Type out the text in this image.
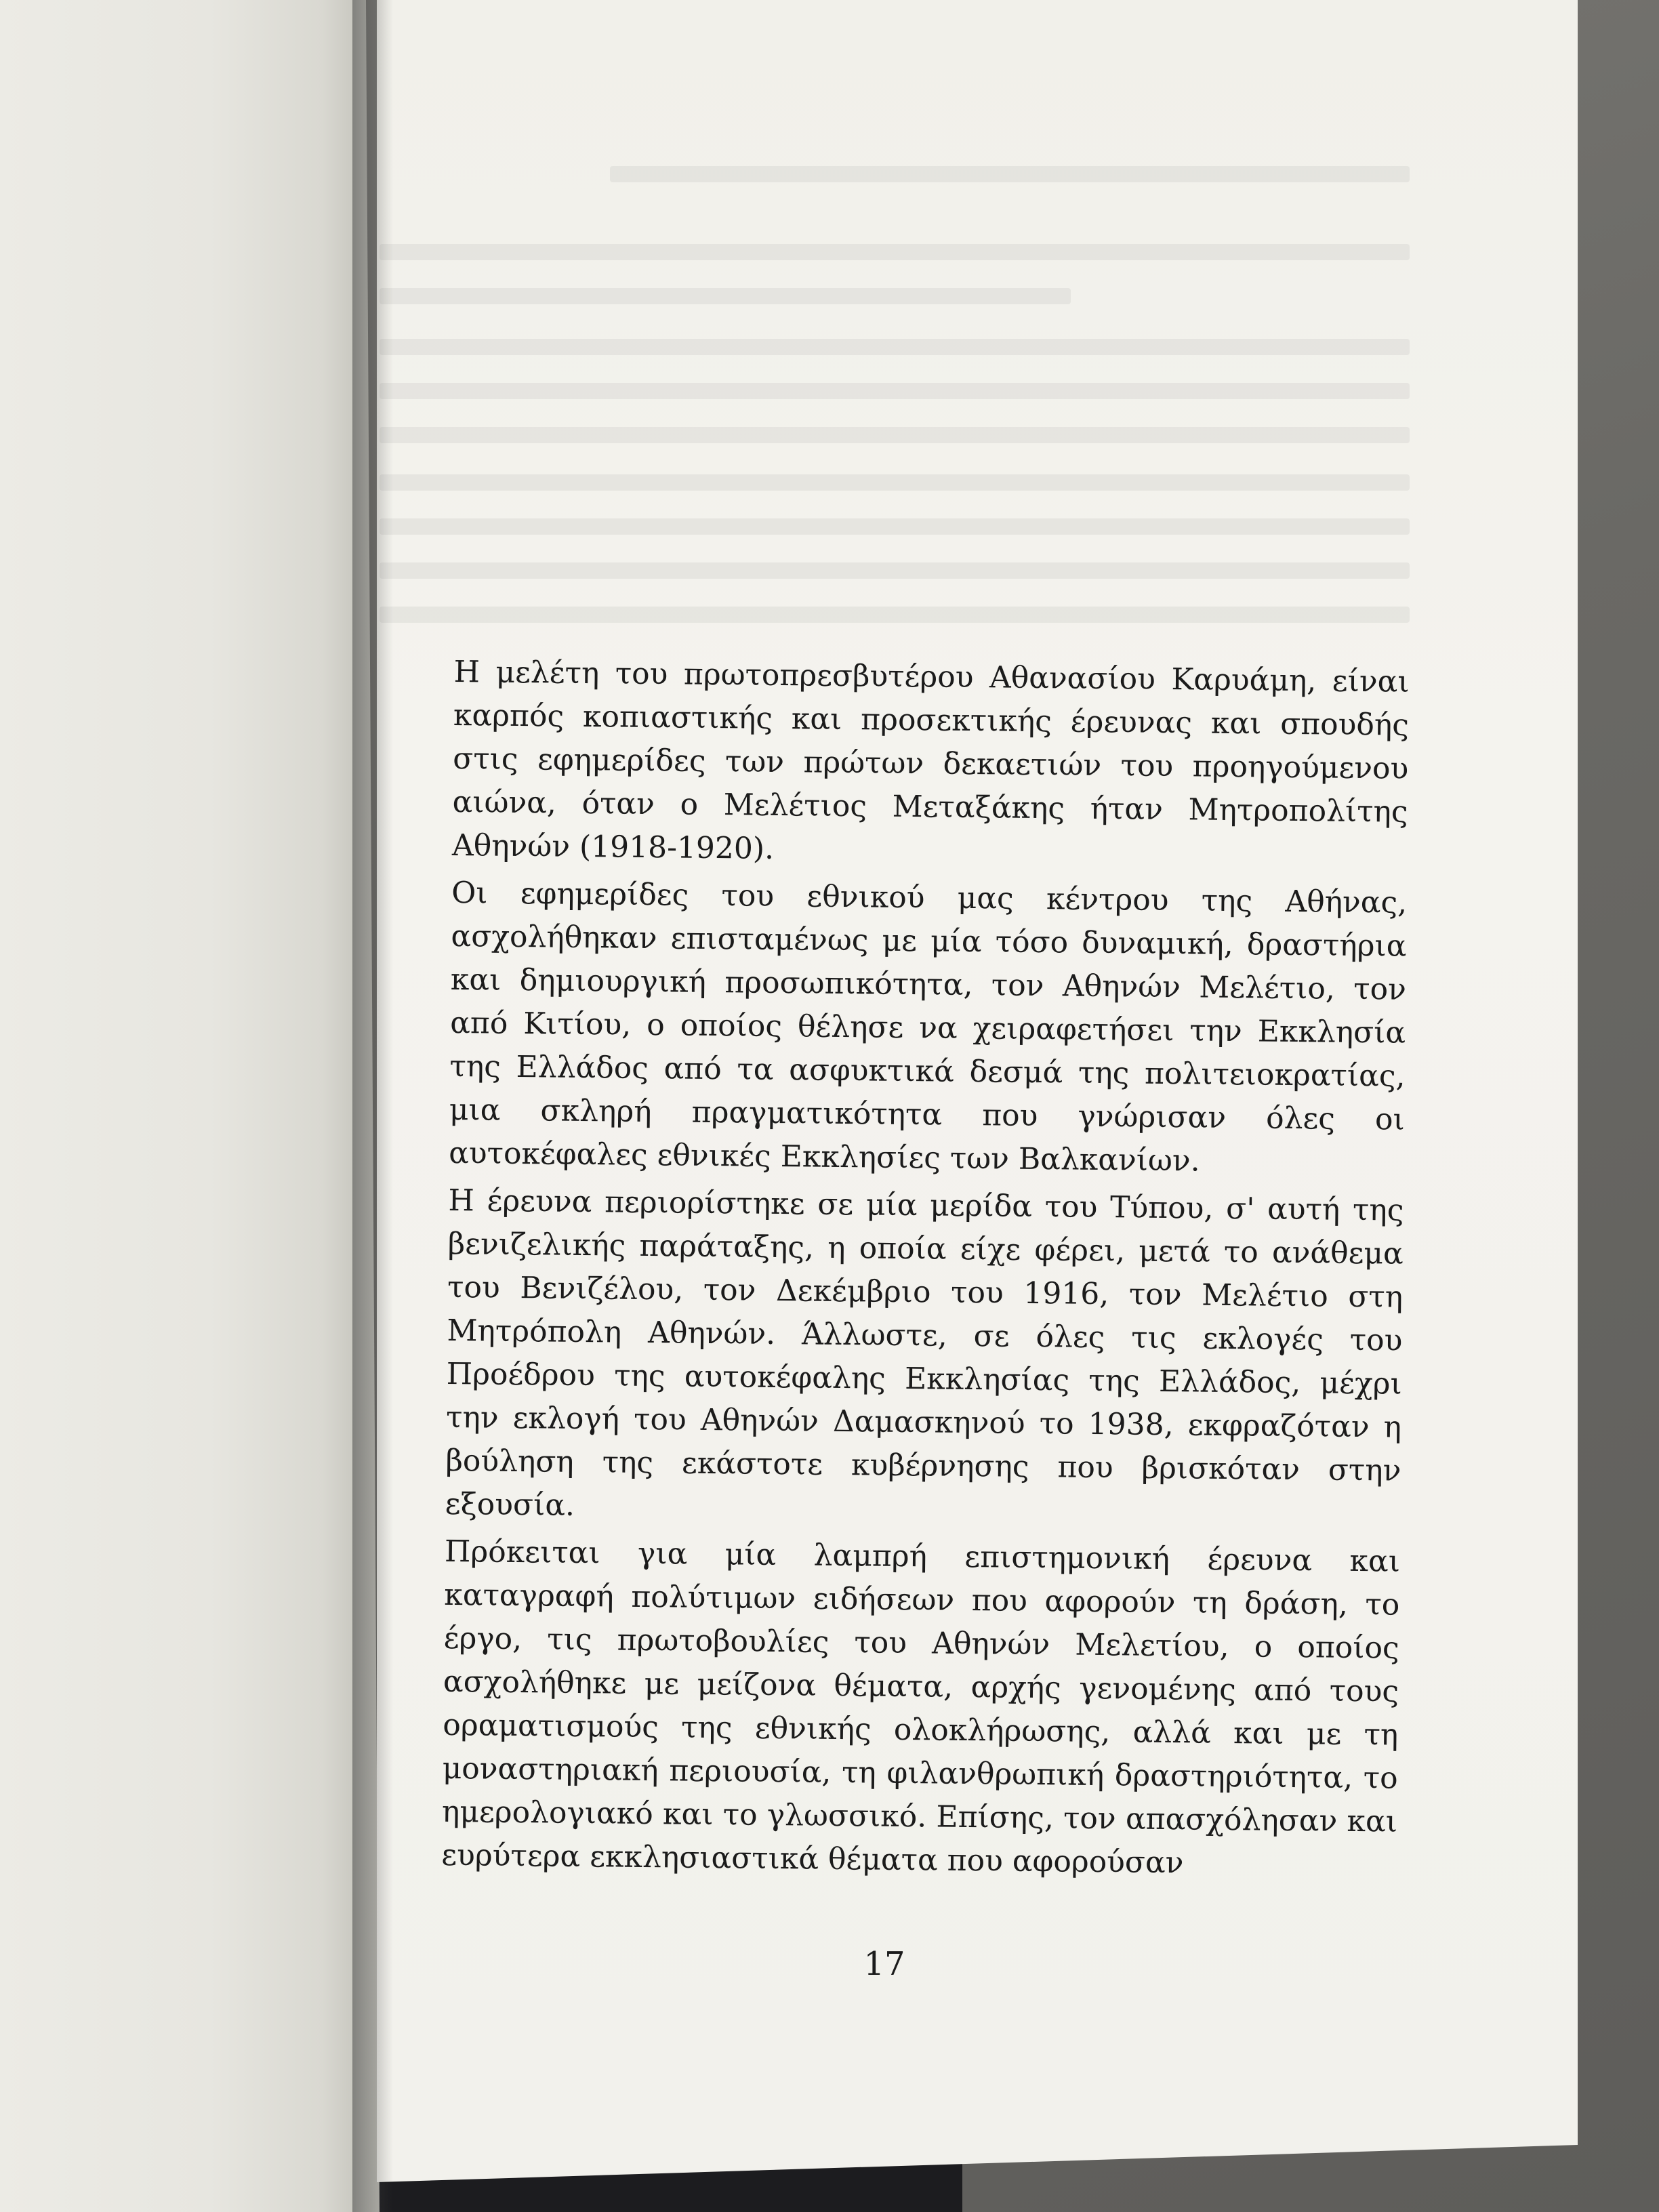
Η μελέτη του πρωτοπρεσβυτέρου Αθανασίου Καρυάμη, είναι καρπός κοπιαστικής και προσεκτικής έρευνας και σπουδής στις εφημερίδες των πρώτων δεκαετιών του προηγούμενου αιώνα, όταν ο Μελέτιος Μεταξάκης ήταν Μητροπολίτης Αθηνών (1918-1920).

Οι εφημερίδες του εθνικού μας κέντρου της Αθήνας, ασχολήθηκαν επισταμένως με μία τόσο δυναμική, δραστήρια και δημιουργική προσωπικότητα, τον Αθηνών Μελέτιο, τον από Κιτίου, ο οποίος θέλησε να χειραφετήσει την Εκκλησία της Ελλάδος από τα ασφυκτικά δεσμά της πολιτειοκρατίας, μια σκληρή πραγματικότητα που γνώρισαν όλες οι αυτοκέφαλες εθνικές Εκκλησίες των Βαλκανίων.

Η έρευνα περιορίστηκε σε μία μερίδα του Τύπου, σ' αυτή της βενιζελικής παράταξης, η οποία είχε φέρει, μετά το ανάθεμα του Βενιζέλου, τον Δεκέμβριο του 1916, τον Μελέτιο στη Μητρόπολη Αθηνών. Άλλωστε, σε όλες τις εκλογές του Προέδρου της αυτοκέφαλης Εκκλησίας της Ελλάδος, μέχρι την εκλογή του Αθηνών Δαμασκηνού το 1938, εκφραζόταν η βούληση της εκάστοτε κυβέρνησης που βρισκόταν στην εξουσία.

Πρόκειται για μία λαμπρή επιστημονική έρευνα και καταγραφή πολύτιμων ειδήσεων που αφορούν τη δράση, το έργο, τις πρωτοβουλίες του Αθηνών Μελετίου, ο οποίος ασχολήθηκε με μείζονα θέματα, αρχής γενομένης από τους οραματισμούς της εθνικής ολοκλήρωσης, αλλά και με τη μοναστηριακή περιουσία, τη φιλανθρωπική δραστηριότητα, το ημερολογιακό και το γλωσσικό. Επίσης, τον απασχόλησαν και ευρύτερα εκκλησιαστικά θέματα που αφορούσαν

17
